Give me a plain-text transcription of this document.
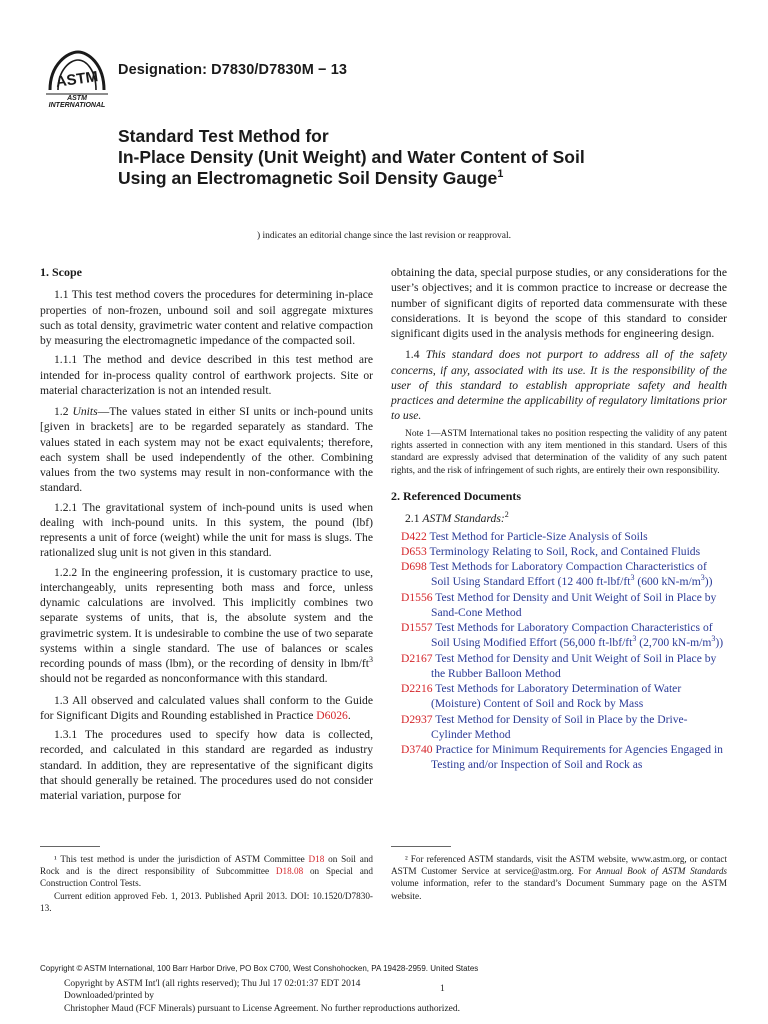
ASTM
ASTM INTERNATIONAL
Designation: D7830/D7830M − 13
Standard Test Method for
In-Place Density (Unit Weight) and Water Content of Soil
Using an Electromagnetic Soil Density Gauge$^1$
) indicates an editorial change since the last revision or reapproval.
1. Scope
1.1 This test method covers the procedures for determining in-place properties of non-frozen, unbound soil and soil aggregate mixtures such as total density, gravimetric water content and relative compaction by measuring the electromagnetic impedance of the compacted soil.
1.1.1 The method and device described in this test method are intended for in-process quality control of earthwork projects. Site or material characterization is not an intended result.
1.2 Units—The values stated in either SI units or inch-pound units [given in brackets] are to be regarded separately as standard. The values stated in each system may not be exact equivalents; therefore, each system shall be used independently of the other. Combining values from the two systems may result in non-conformance with the standard.
1.2.1 The gravitational system of inch-pound units is used when dealing with inch-pound units. In this system, the pound (lbf) represents a unit of force (weight) while the unit for mass is slugs. The rationalized slug unit is not given in this standard.
1.2.2 In the engineering profession, it is customary practice to use, interchangeably, units representing both mass and force, unless dynamic calculations are involved. This implicitly combines two separate systems of units, that is, the absolute system and the gravimetric system. It is undesirable to combine the use of two separate systems within a single standard. The use of balances or scales recording pounds of mass (lbm), or the recording of density in lbm/$ft^3$ should not be regarded as nonconformance with this standard.
1.3 All observed and calculated values shall conform to the Guide for Significant Digits and Rounding established in Practice D6026.
1.3.1 The procedures used to specify how data is collected, recorded, and calculated in this standard are regarded as industry standard. In addition, they are representative of the significant digits that should generally be retained. The procedures used do not consider material variation, purpose for
obtaining the data, special purpose studies, or any considerations for the user’s objectives; and it is common practice to increase or decrease the number of significant digits of reported data commensurate with these considerations. It is beyond the scope of this standard to consider significant digits used in the analysis methods for engineering design.
1.4 This standard does not purport to address all of the safety concerns, if any, associated with its use. It is the responsibility of the user of this standard to establish appropriate safety and health practices and determine the applicability of regulatory limitations prior to use.
Note 1—ASTM International takes no position respecting the validity of any patent rights asserted in connection with any item mentioned in this standard. Users of this standard are expressly advised that determination of the validity of any such patent rights, and the risk of infringement of such rights, are entirely their own responsibility.
2. Referenced Documents
2.1 ASTM Standards:$^2$
D422 Test Method for Particle-Size Analysis of Soils
D653 Terminology Relating to Soil, Rock, and Contained Fluids
D698 Test Methods for Laboratory Compaction Characteristics of Soil Using Standard Effort (12 400 $ft-lbf/ft^3$ (600 $kN-m/m^3$))
D1556 Test Method for Density and Unit Weight of Soil in Place by Sand-Cone Method
D1557 Test Methods for Laboratory Compaction Characteristics of Soil Using Modified Effort (56,000 $ft-lbf/ft^3$ (2,700 $kN-m/m^3$))
D2167 Test Method for Density and Unit Weight of Soil in Place by the Rubber Balloon Method
D2216 Test Methods for Laboratory Determination of Water (Moisture) Content of Soil and Rock by Mass
D2937 Test Method for Density of Soil in Place by the Drive-Cylinder Method
D3740 Practice for Minimum Requirements for Agencies Engaged in Testing and/or Inspection of Soil and Rock as
¹ This test method is under the jurisdiction of ASTM Committee D18 on Soil and Rock and is the direct responsibility of Subcommittee D18.08 on Special and Construction Control Tests.
Current edition approved Feb. 1, 2013. Published April 2013. DOI: 10.1520/D7830-13.
² For referenced ASTM standards, visit the ASTM website, www.astm.org, or contact ASTM Customer Service at service@astm.org. For Annual Book of ASTM Standards volume information, refer to the standard’s Document Summary page on the ASTM website.
Copyright © ASTM International, 100 Barr Harbor Drive, PO Box C700, West Conshohocken, PA 19428-2959. United States
Copyright by ASTM Int'l (all rights reserved); Thu Jul 17 02:01:37 EDT 2014
Downloaded/printed by
Christopher Maud (FCF Minerals) pursuant to License Agreement. No further reproductions authorized.
1
